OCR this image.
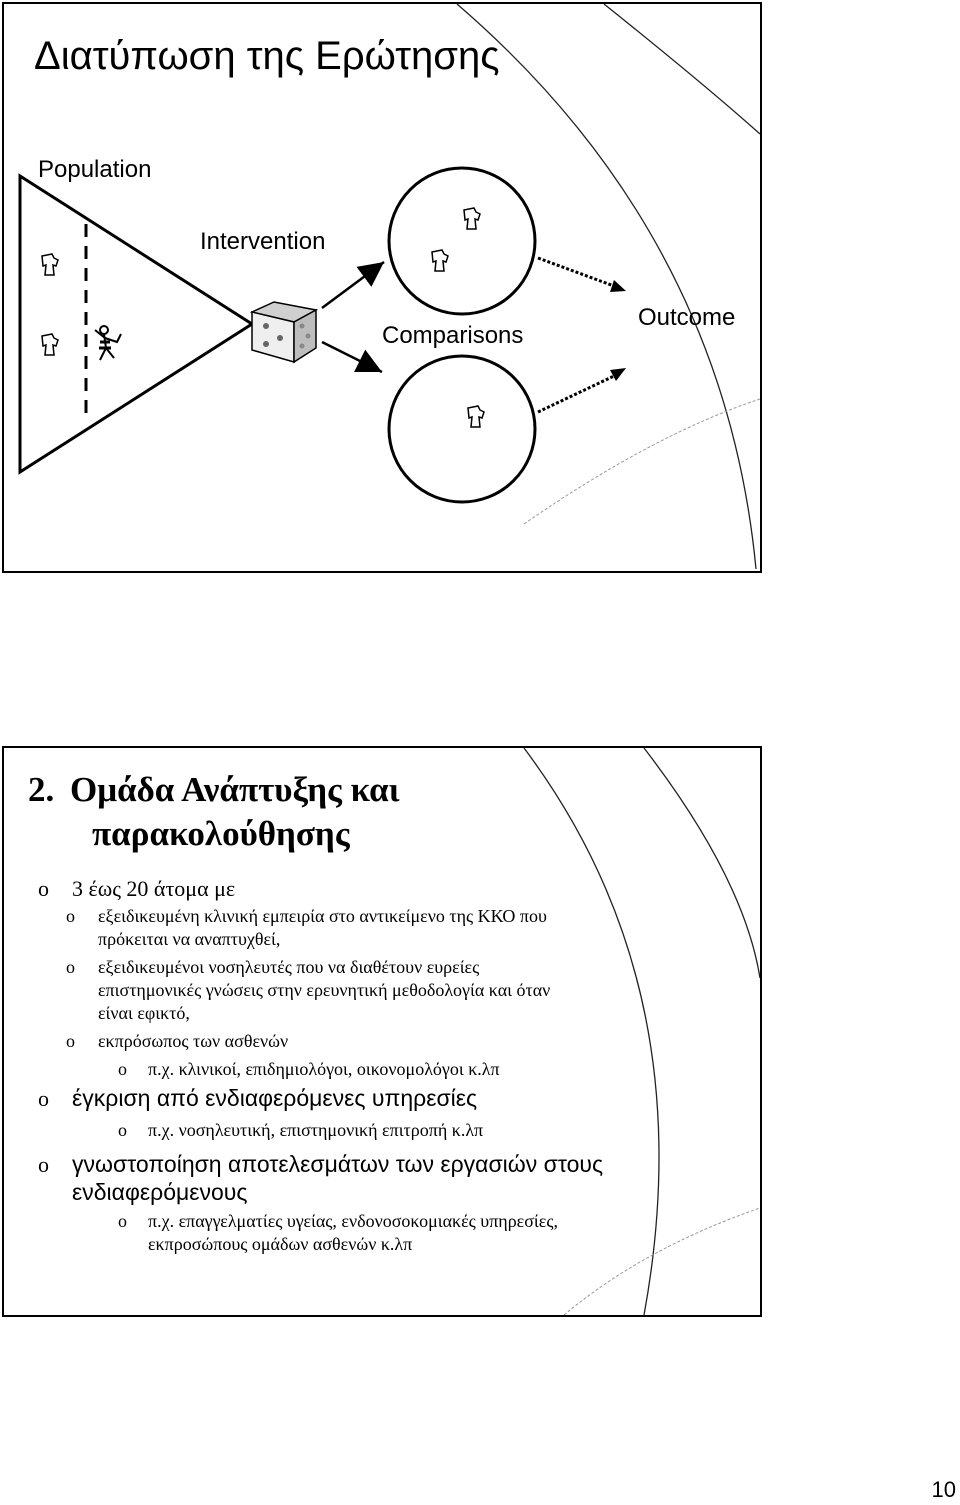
Διατύπωση της Ερώτησης
Population
Intervention
Comparisons
Outcome
2. Ομάδα Ανάπτυξης και
παρακολούθησης
o 3 έως 20 άτομα με
o εξειδικευμένη κλινική εμπειρία στο αντικείμενο της ΚΚΟ που
πρόκειται να αναπτυχθεί,
o εξειδικευμένοι νοσηλευτές που να διαθέτουν ευρείες
επιστημονικές γνώσεις στην ερευνητική μεθοδολογία και όταν
είναι εφικτό,
o εκπρόσωπος των ασθενών
o π.χ. κλινικοί, επιδημιολόγοι, οικονομολόγοι κ.λπ
o έγκριση από ενδιαφερόμενες υπηρεσίες
o π.χ. νοσηλευτική, επιστημονική επιτροπή κ.λπ
o γνωστοποίηση αποτελεσμάτων των εργασιών στους
ενδιαφερόμενους
o π.χ. επαγγελματίες υγείας, ενδονοσοκομιακές υπηρεσίες,
εκπροσώπους ομάδων ασθενών κ.λπ
10
